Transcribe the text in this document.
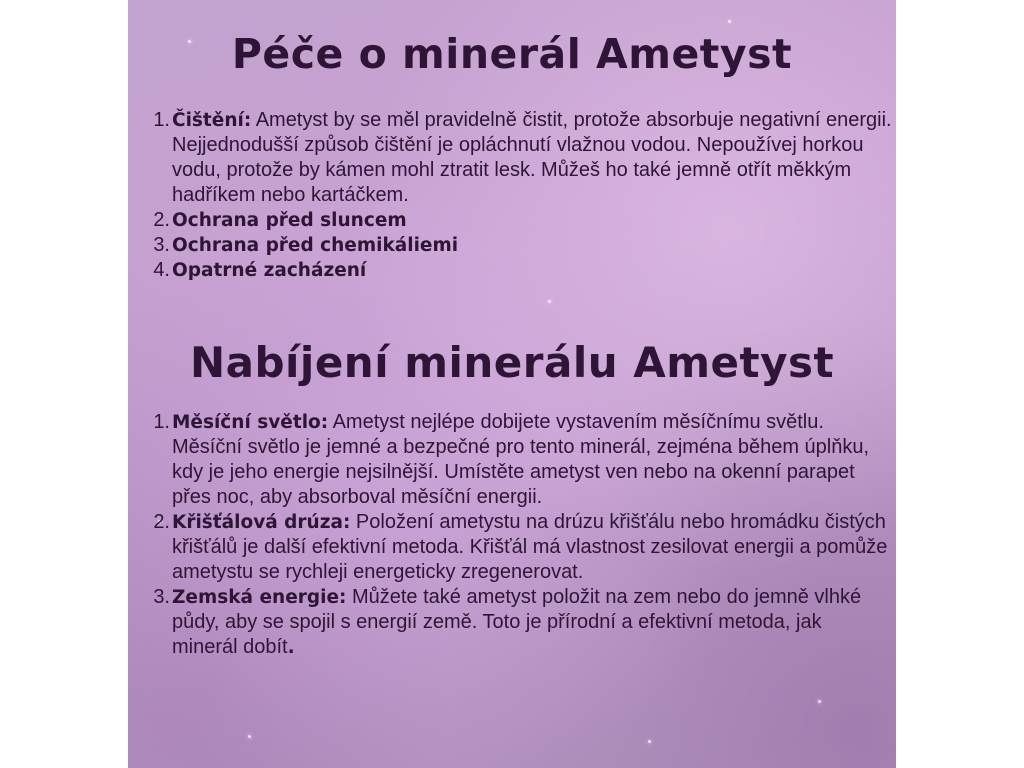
Péče o minerál Ametyst
1. Čištění: Ametyst by se měl pravidelně čistit, protože absorbuje negativní energii. Nejjednodušší způsob čištění je opláchnutí vlažnou vodou. Nepoužívej horkou vodu, protože by kámen mohl ztratit lesk. Můžeš ho také jemně otřít měkkým hadříkem nebo kartáčkem.
2. Ochrana před sluncem
3. Ochrana před chemikáliemi
4. Opatrné zacházení
Nabíjení minerálu Ametyst
1. Měsíční světlo: Ametyst nejlépe dobijete vystavením měsíčnímu světlu. Měsíční světlo je jemné a bezpečné pro tento minerál, zejména během úplňku, kdy je jeho energie nejsilnější. Umístěte ametyst ven nebo na okenní parapet přes noc, aby absorboval měsíční energii.
2. Křišťálová drúza: Položení ametystu na drúzu křišťálu nebo hromádku čistých křišťálů je další efektivní metoda. Křišťál má vlastnost zesilovat energii a pomůže ametystu se rychleji energeticky zregenerovat.
3. Zemská energie: Můžete také ametyst položit na zem nebo do jemně vlhké půdy, aby se spojil s energií země. Toto je přírodní a efektivní metoda, jak minerál dobít.
